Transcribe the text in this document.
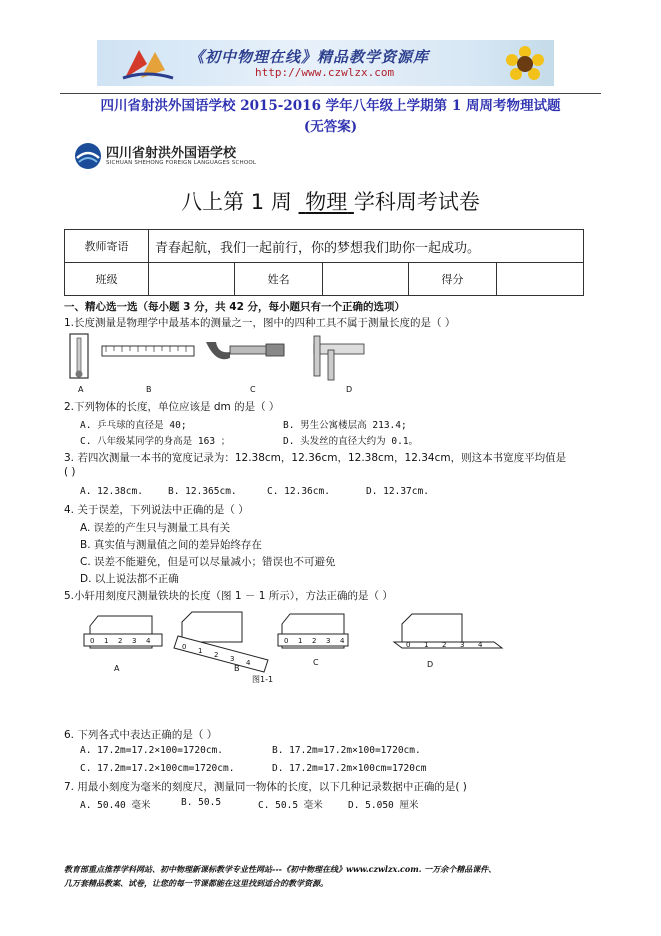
《初中物理在线》精品教学资源库
http://www.czwlzx.com
四川省射洪外国语学校 2015-2016 学年八年级上学期第 1 周周考物理试题
(无答案)
四川省射洪外国语学校
SICHUAN SHEHONG FOREIGN LANGUAGES SCHOOL
八上第 1 周 物理 学科周考试卷
教师寄语	青春起航，我们一起前行，你的梦想我们助你一起成功。				
班级		姓名		得分	
一、精心选一选（每小题 3 分，共 42 分，每小题只有一个正确的选项）
1.长度测量是物理学中最基本的测量之一，图中的四种工具不属于测量长度的是（ ）
A	B	C	D
2.下列物体的长度，单位应该是 dm 的是（ ）
A. 乒乓球的直径是 40;	B. 男生公寓楼层高 213.4;
C. 八年级某同学的身高是 163 ；	D. 头发丝的直径大约为 0.1。
3. 若四次测量一本书的宽度记录为：12.38cm，12.36cm，12.38cm，12.34cm，则这本书宽度平均值是
( )
A. 12.38cm.	B. 12.365cm.	C. 12.36cm.	D. 12.37cm.
4. 关于误差，下列说法中正确的是（ ）
A. 误差的产生只与测量工具有关
B. 真实值与测量值之间的差异始终存在
C. 误差不能避免，但是可以尽量减小；错误也不可避免
D. 以上说法都不正确
5.小轩用刻度尺测量铁块的长度（图 1 － 1 所示），方法正确的是（ ）
0 1 2 3 4
0 1 2 3 4
0 1 2 3 4	0 1 2 3 4
A	B
C	D
图1-1
6. 下列各式中表达正确的是（ ）
A. 17.2m=17.2×100=1720cm.	B. 17.2m=17.2m×100=1720cm.
C. 17.2m=17.2×100cm=1720cm.	D. 17.2m=17.2m×100cm=1720cm
7. 用最小刻度为毫米的刻度尺，测量同一物体的长度，以下几种记录数据中正确的是( )
A. 50.40 毫米	B. 50.5	C. 50.5 毫米	D. 5.050 厘米
教育部重点推荐学科网站、初中物理新课标教学专业性网站---《初中物理在线》www.czwlzx.com. 一万余个精品课件、
几万套精品教案、试卷，让您的每一节课都能在这里找到适合的教学资源。
